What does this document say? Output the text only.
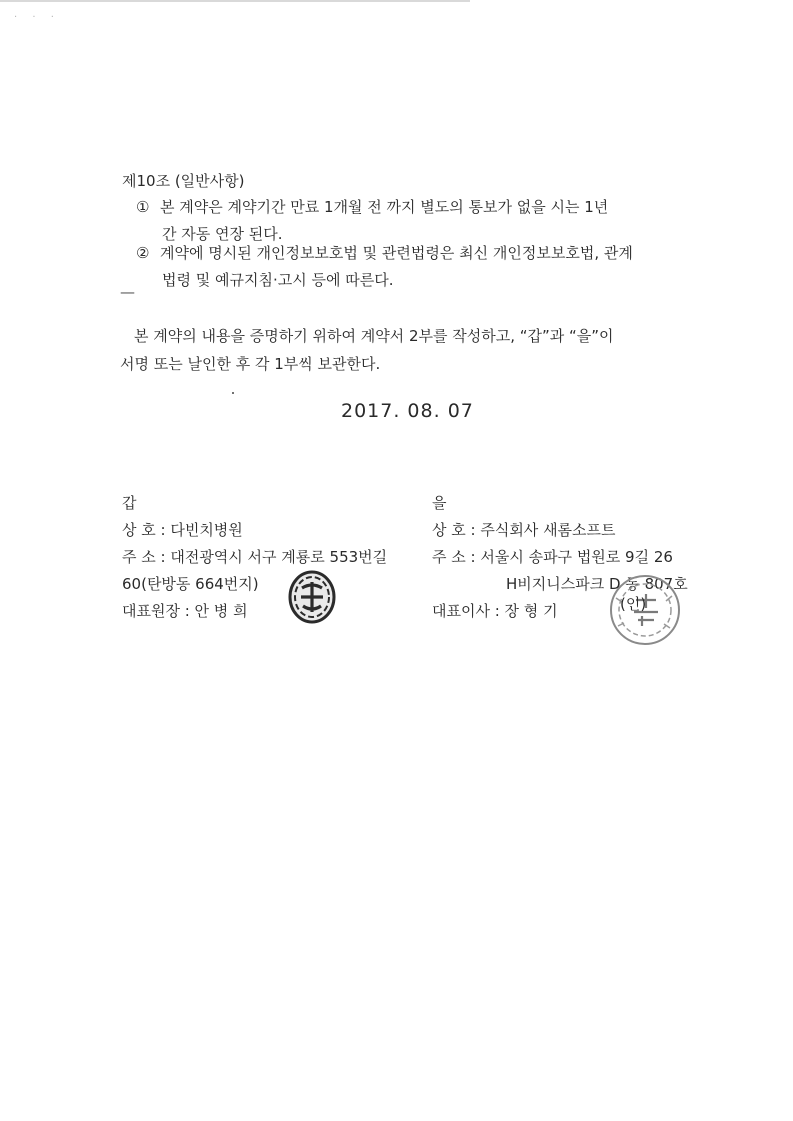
· · ·
제10조 (일반사항)
① 본 계약은 계약기간 만료 1개월 전 까지 별도의 통보가 없을 시는 1년
간 자동 연장 된다.
② 계약에 명시된 개인정보보호법 및 관련법령은 최신 개인정보보호법, 관계
법령 및 예규지침·고시 등에 따른다.
—
본 계약의 내용을 증명하기 위하여 계약서 2부를 작성하고, “갑”과 “을”이
서명 또는 날인한 후 각 1부씩 보관한다.
2017. 08. 07
갑
상 호 : 다빈치병원
주 소 : 대전광역시 서구 계룡로 553번길
60(탄방동 664번지)
대표원장 : 안 병 희
을
상 호 : 주식회사 새롬소프트
주 소 : 서울시 송파구 법원로 9길 26
H비지니스파크 D 동 807호
대표이사 : 장 형 기	(인)
